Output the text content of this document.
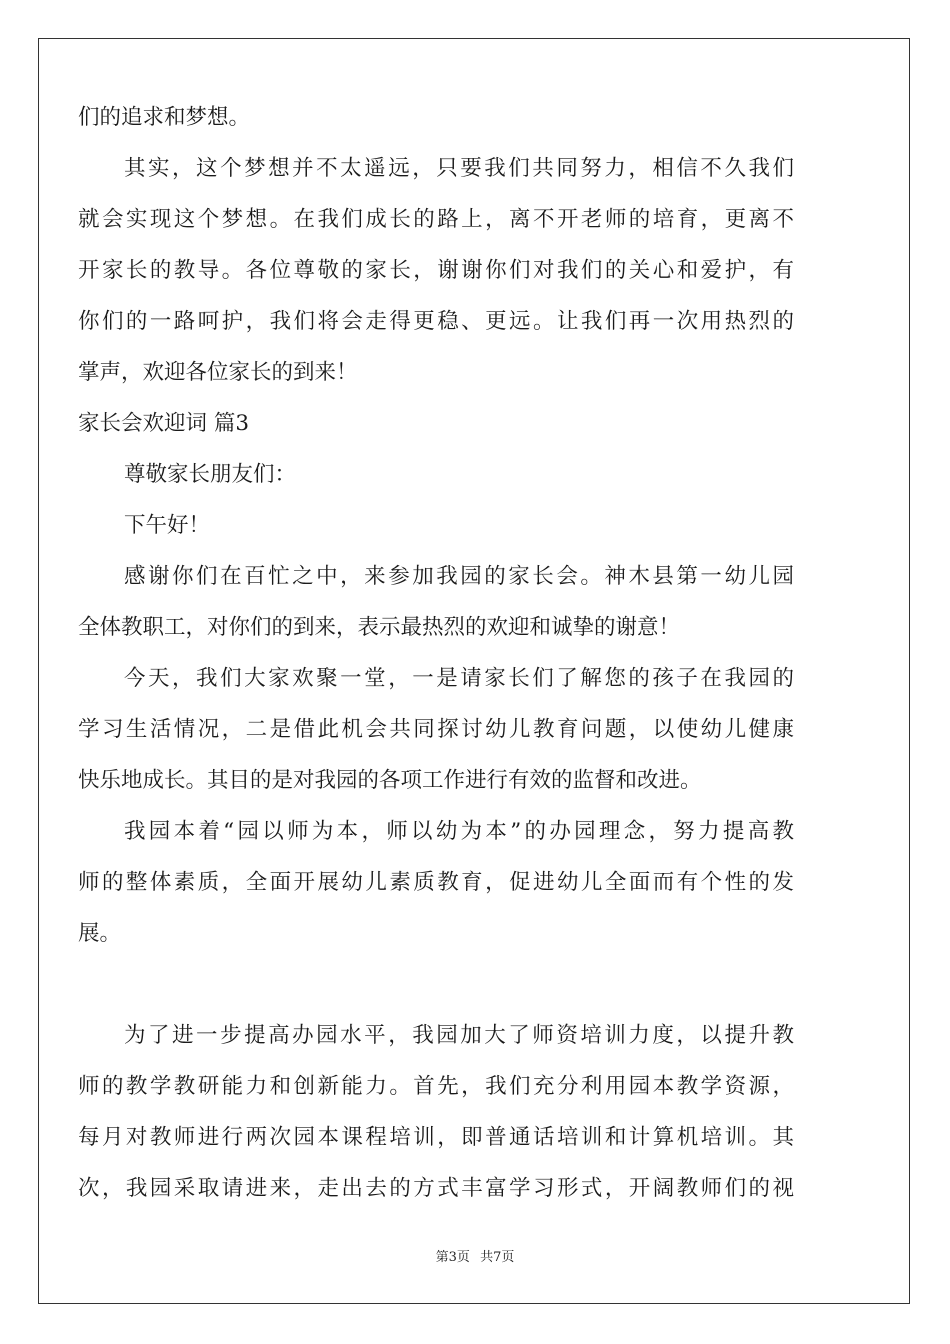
们的追求和梦想。
其实，这个梦想并不太遥远，只要我们共同努力，相信不久我们
就会实现这个梦想。在我们成长的路上，离不开老师的培育，更离不
开家长的教导。各位尊敬的家长，谢谢你们对我们的关心和爱护，有
你们的一路呵护，我们将会走得更稳、更远。让我们再一次用热烈的
掌声，欢迎各位家长的到来！
家长会欢迎词 篇3
尊敬家长朋友们：
下午好！
感谢你们在百忙之中，来参加我园的家长会。神木县第一幼儿园
全体教职工，对你们的到来，表示最热烈的欢迎和诚挚的谢意！
今天，我们大家欢聚一堂，一是请家长们了解您的孩子在我园的
学习生活情况，二是借此机会共同探讨幼儿教育问题，以使幼儿健康
快乐地成长。其目的是对我园的各项工作进行有效的监督和改进。
我园本着“园以师为本，师以幼为本”的办园理念，努力提高教
师的整体素质，全面开展幼儿素质教育，促进幼儿全面而有个性的发
展。
为了进一步提高办园水平，我园加大了师资培训力度，以提升教
师的教学教研能力和创新能力。首先，我们充分利用园本教学资源，
每月对教师进行两次园本课程培训，即普通话培训和计算机培训。其
次，我园采取请进来，走出去的方式丰富学习形式，开阔教师们的视
第3页 共7页
